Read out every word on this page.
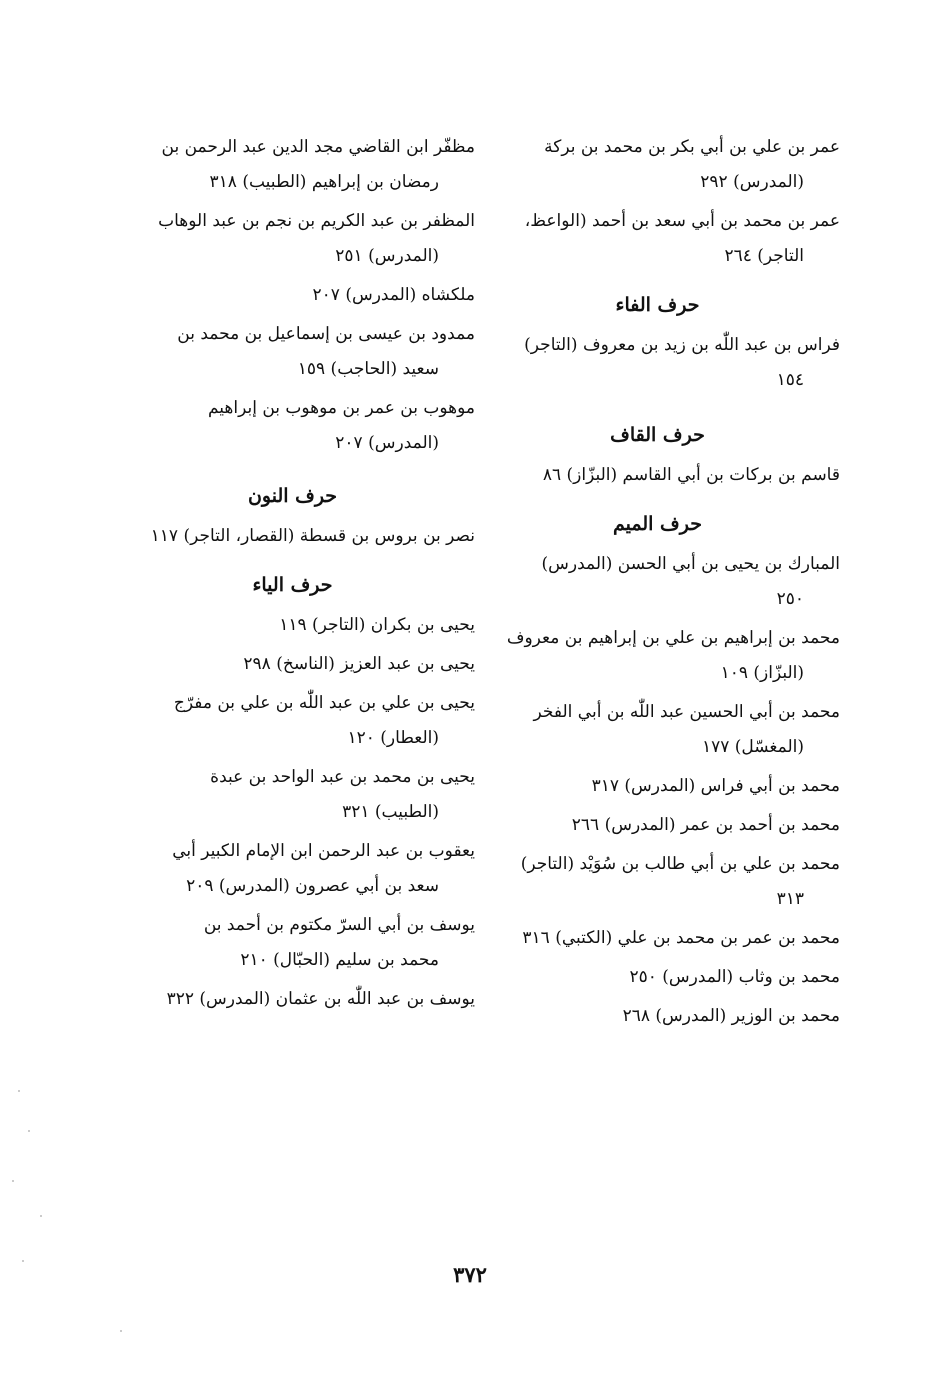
عمر بن علي بن أبي بكر بن محمد بن بركة
(المدرس) ٢٩٢
عمر بن محمد بن أبي سعد بن أحمد (الواعظ،
التاجر) ٢٦٤
حرف الفاء
فراس بن عبد اللّٰه بن زيد بن معروف (التاجر)
١٥٤
حرف القاف
قاسم بن بركات بن أبي القاسم (البزّاز) ٨٦
حرف الميم
المبارك بن يحيى بن أبي الحسن (المدرس)
٢٥٠
محمد بن إبراهيم بن علي بن إبراهيم بن معروف
(البزّاز) ١٠٩
محمد بن أبي الحسين عبد اللّٰه بن أبي الفخر
(المغسّل) ١٧٧
محمد بن أبي فراس (المدرس) ٣١٧
محمد بن أحمد بن عمر (المدرس) ٢٦٦
محمد بن علي بن أبي طالب بن سُوَيْد (التاجر)
٣١٣
محمد بن عمر بن محمد بن علي (الكتبي) ٣١٦
محمد بن وثاب (المدرس) ٢٥٠
محمد بن الوزير (المدرس) ٢٦٨
مظفّر ابن القاضي مجد الدين عبد الرحمن بن
رمضان بن إبراهيم (الطبيب) ٣١٨
المظفر بن عبد الكريم بن نجم بن عبد الوهاب
(المدرس) ٢٥١
ملكشاه (المدرس) ٢٠٧
ممدود بن عيسى بن إسماعيل بن محمد بن
سعيد (الحاجب) ١٥٩
موهوب بن عمر بن موهوب بن إبراهيم
(المدرس) ٢٠٧
حرف النون
نصر بن بروس بن قسطة (القصار، التاجر) ١١٧
حرف الياء
يحيى بن بكران (التاجر) ١١٩
يحيى بن عبد العزيز (الناسخ) ٢٩٨
يحيى بن علي بن عبد اللّٰه بن علي بن مفرّج
(العطار) ١٢٠
يحيى بن محمد بن عبد الواحد بن عبدة
(الطبيب) ٣٢١
يعقوب بن عبد الرحمن ابن الإمام الكبير أبي
سعد بن أبي عصرون (المدرس) ٢٠٩
يوسف بن أبي السرّ مكتوم بن أحمد بن
محمد بن سليم (الحبّال) ٢١٠
يوسف بن عبد اللّٰه بن عثمان (المدرس) ٣٢٢
٣٧٢
